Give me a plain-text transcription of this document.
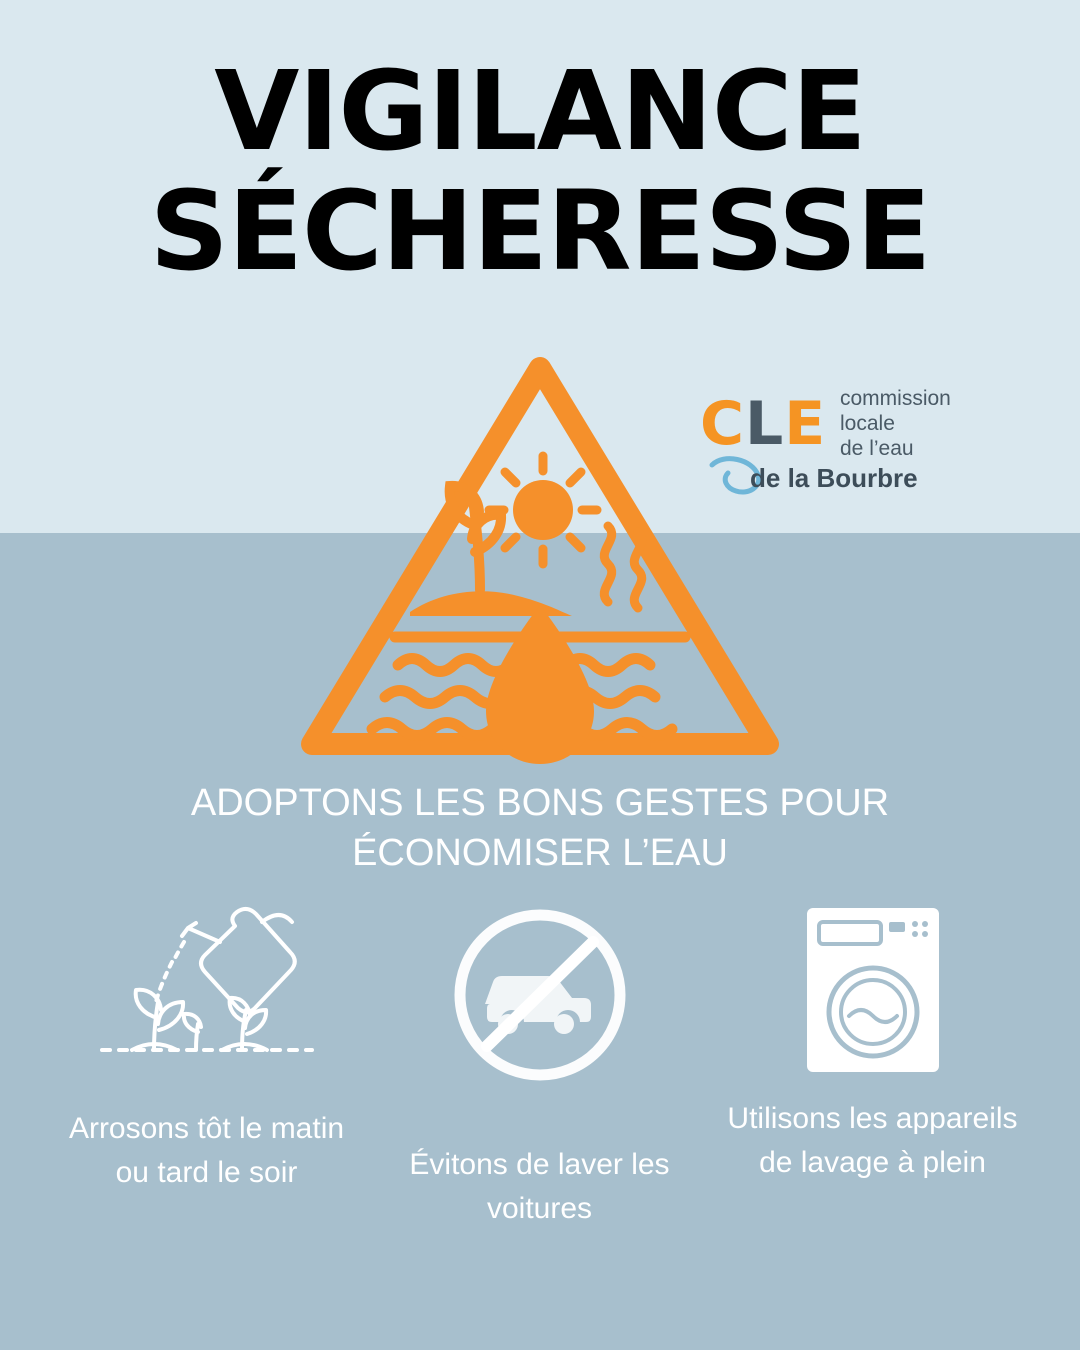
VIGILANCE
SÉCHERESSE
CLE commission
locale
de l’eau
de la Bourbre
ADOPTONS LES BONS GESTES POUR ÉCONOMISER L’EAU
Arrosons tôt le matin ou tard le soir	Évitons de laver les voitures
Utilisons les appareils de lavage à plein
